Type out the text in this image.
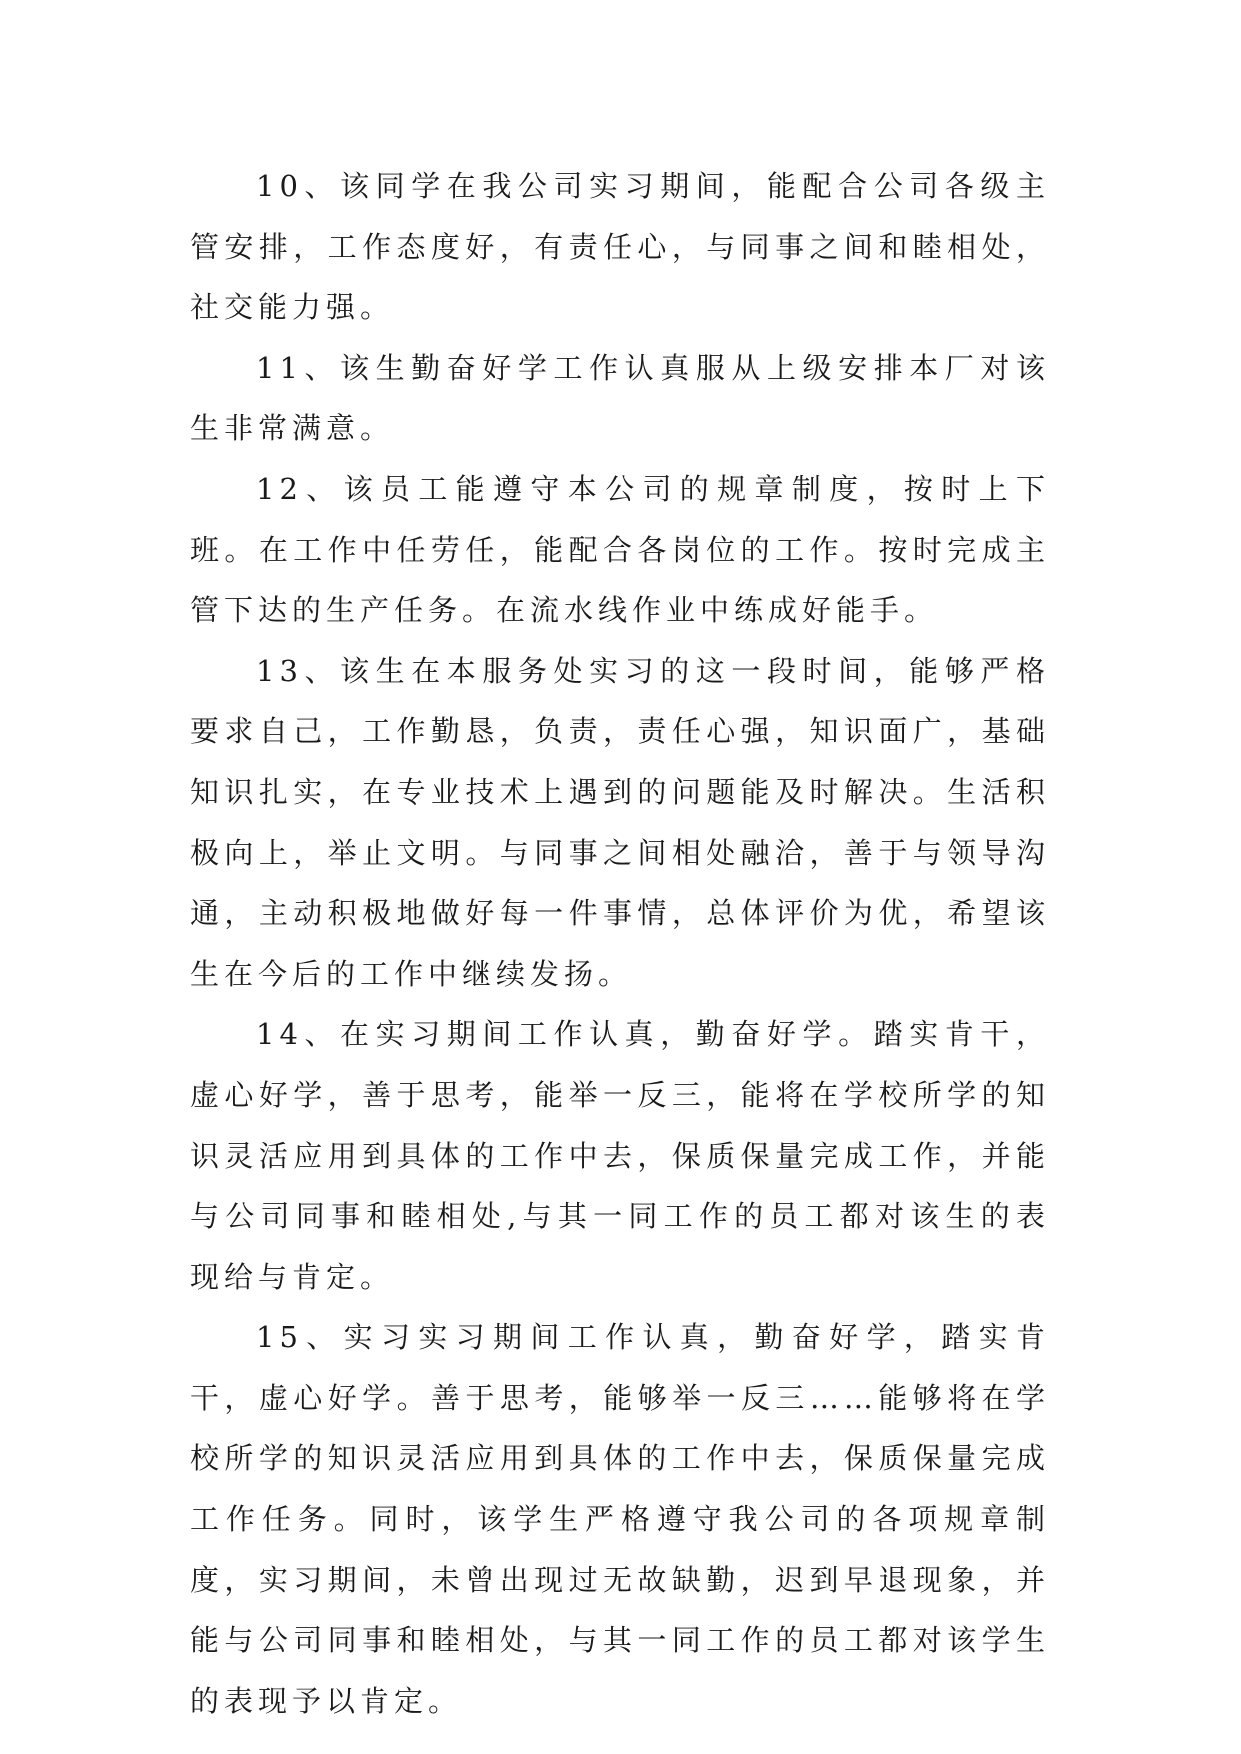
10、该同学在我公司实习期间，能配合公司各级主管安排，工作态度好，有责任心，与同事之间和睦相处，社交能力强。

11、该生勤奋好学工作认真服从上级安排本厂对该生非常满意。

12、该员工能遵守本公司的规章制度，按时上下班。在工作中任劳任，能配合各岗位的工作。按时完成主管下达的生产任务。在流水线作业中练成好能手。

13、该生在本服务处实习的这一段时间，能够严格要求自己，工作勤恳，负责，责任心强，知识面广，基础知识扎实，在专业技术上遇到的问题能及时解决。生活积极向上，举止文明。与同事之间相处融洽，善于与领导沟通，主动积极地做好每一件事情，总体评价为优，希望该生在今后的工作中继续发扬。

14、在实习期间工作认真，勤奋好学。踏实肯干，虚心好学，善于思考，能举一反三，能将在学校所学的知识灵活应用到具体的工作中去，保质保量完成工作，并能与公司同事和睦相处,与其一同工作的员工都对该生的表现给与肯定。

15、实习实习期间工作认真，勤奋好学，踏实肯干，虚心好学。善于思考，能够举一反三……能够将在学校所学的知识灵活应用到具体的工作中去，保质保量完成工作任务。同时，该学生严格遵守我公司的各项规章制度，实习期间，未曾出现过无故缺勤，迟到早退现象，并能与公司同事和睦相处，与其一同工作的员工都对该学生的表现予以肯定。
